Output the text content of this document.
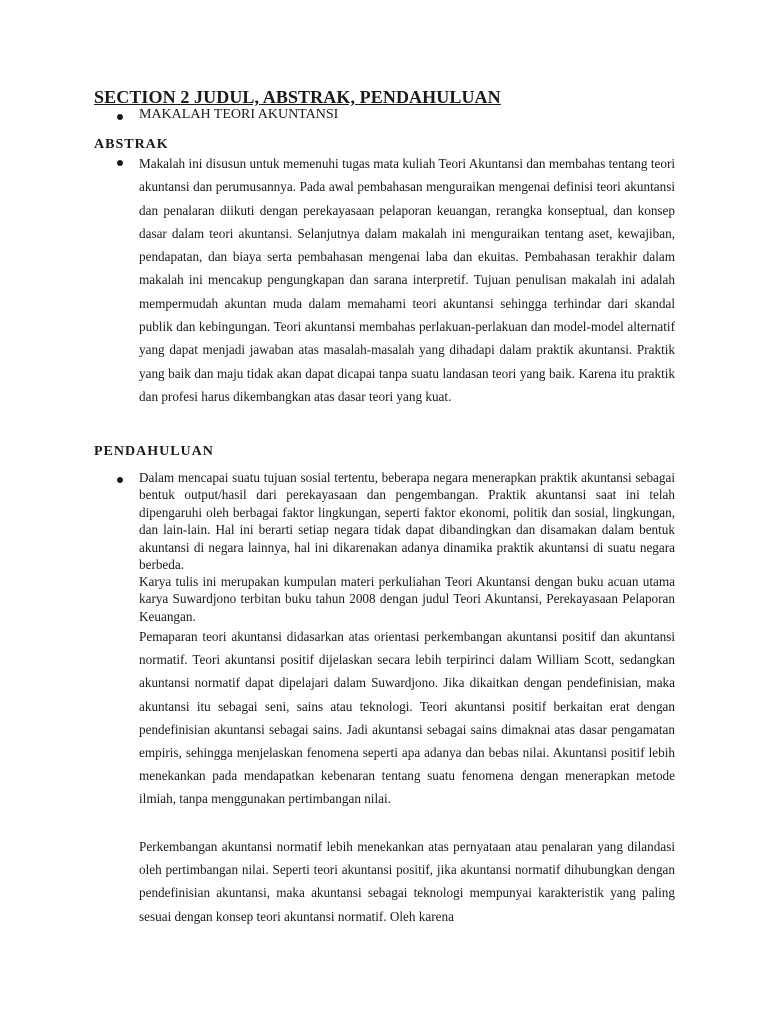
SECTION 2 JUDUL, ABSTRAK, PENDAHULUAN
MAKALAH TEORI AKUNTANSI
ABSTRAK

Makalah ini disusun untuk memenuhi tugas mata kuliah Teori Akuntansi dan membahas tentang teori akuntansi dan perumusannya. Pada awal pembahasan menguraikan mengenai definisi teori akuntansi dan penalaran diikuti dengan perekayasaan pelaporan keuangan, rerangka konseptual, dan konsep dasar dalam teori akuntansi. Selanjutnya dalam makalah ini menguraikan tentang aset, kewajiban, pendapatan, dan biaya serta pembahasan mengenai laba dan ekuitas. Pembahasan terakhir dalam makalah ini mencakup pengungkapan dan sarana interpretif. Tujuan penulisan makalah ini adalah mempermudah akuntan muda dalam memahami teori akuntansi sehingga terhindar dari skandal publik dan kebingungan. Teori akuntansi membahas perlakuan-perlakuan dan model-model alternatif yang dapat menjadi jawaban atas masalah-masalah yang dihadapi dalam praktik akuntansi. Praktik yang baik dan maju tidak akan dapat dicapai tanpa suatu landasan teori yang baik. Karena itu praktik dan profesi harus dikembangkan atas dasar teori yang kuat.

PENDAHULUAN

Dalam mencapai suatu tujuan sosial tertentu, beberapa negara menerapkan praktik akuntansi sebagai bentuk output/hasil dari perekayasaan dan pengembangan. Praktik akuntansi saat ini telah dipengaruhi oleh berbagai faktor lingkungan, seperti faktor ekonomi, politik dan sosial, lingkungan, dan lain-lain. Hal ini berarti setiap negara tidak dapat dibandingkan dan disamakan dalam bentuk akuntansi di negara lainnya, hal ini dikarenakan adanya dinamika praktik akuntansi di suatu negara berbeda.

Karya tulis ini merupakan kumpulan materi perkuliahan Teori Akuntansi dengan buku acuan utama karya Suwardjono terbitan buku tahun 2008 dengan judul Teori Akuntansi, Perekayasaan Pelaporan Keuangan.

Pemaparan teori akuntansi didasarkan atas orientasi perkembangan akuntansi positif dan akuntansi normatif. Teori akuntansi positif dijelaskan secara lebih terpirinci dalam William Scott, sedangkan akuntansi normatif dapat dipelajari dalam Suwardjono. Jika dikaitkan dengan pendefinisian, maka akuntansi itu sebagai seni, sains atau teknologi. Teori akuntansi positif berkaitan erat dengan pendefinisian akuntansi sebagai sains. Jadi akuntansi sebagai sains dimaknai atas dasar pengamatan empiris, sehingga menjelaskan fenomena seperti apa adanya dan bebas nilai. Akuntansi positif lebih menekankan pada mendapatkan kebenaran tentang suatu fenomena dengan menerapkan metode ilmiah, tanpa menggunakan pertimbangan nilai.

Perkembangan akuntansi normatif lebih menekankan atas pernyataan atau penalaran yang dilandasi oleh pertimbangan nilai. Seperti teori akuntansi positif, jika akuntansi normatif dihubungkan dengan pendefinisian akuntansi, maka akuntansi sebagai teknologi mempunyai karakteristik yang paling sesuai dengan konsep teori akuntansi normatif. Oleh karena
